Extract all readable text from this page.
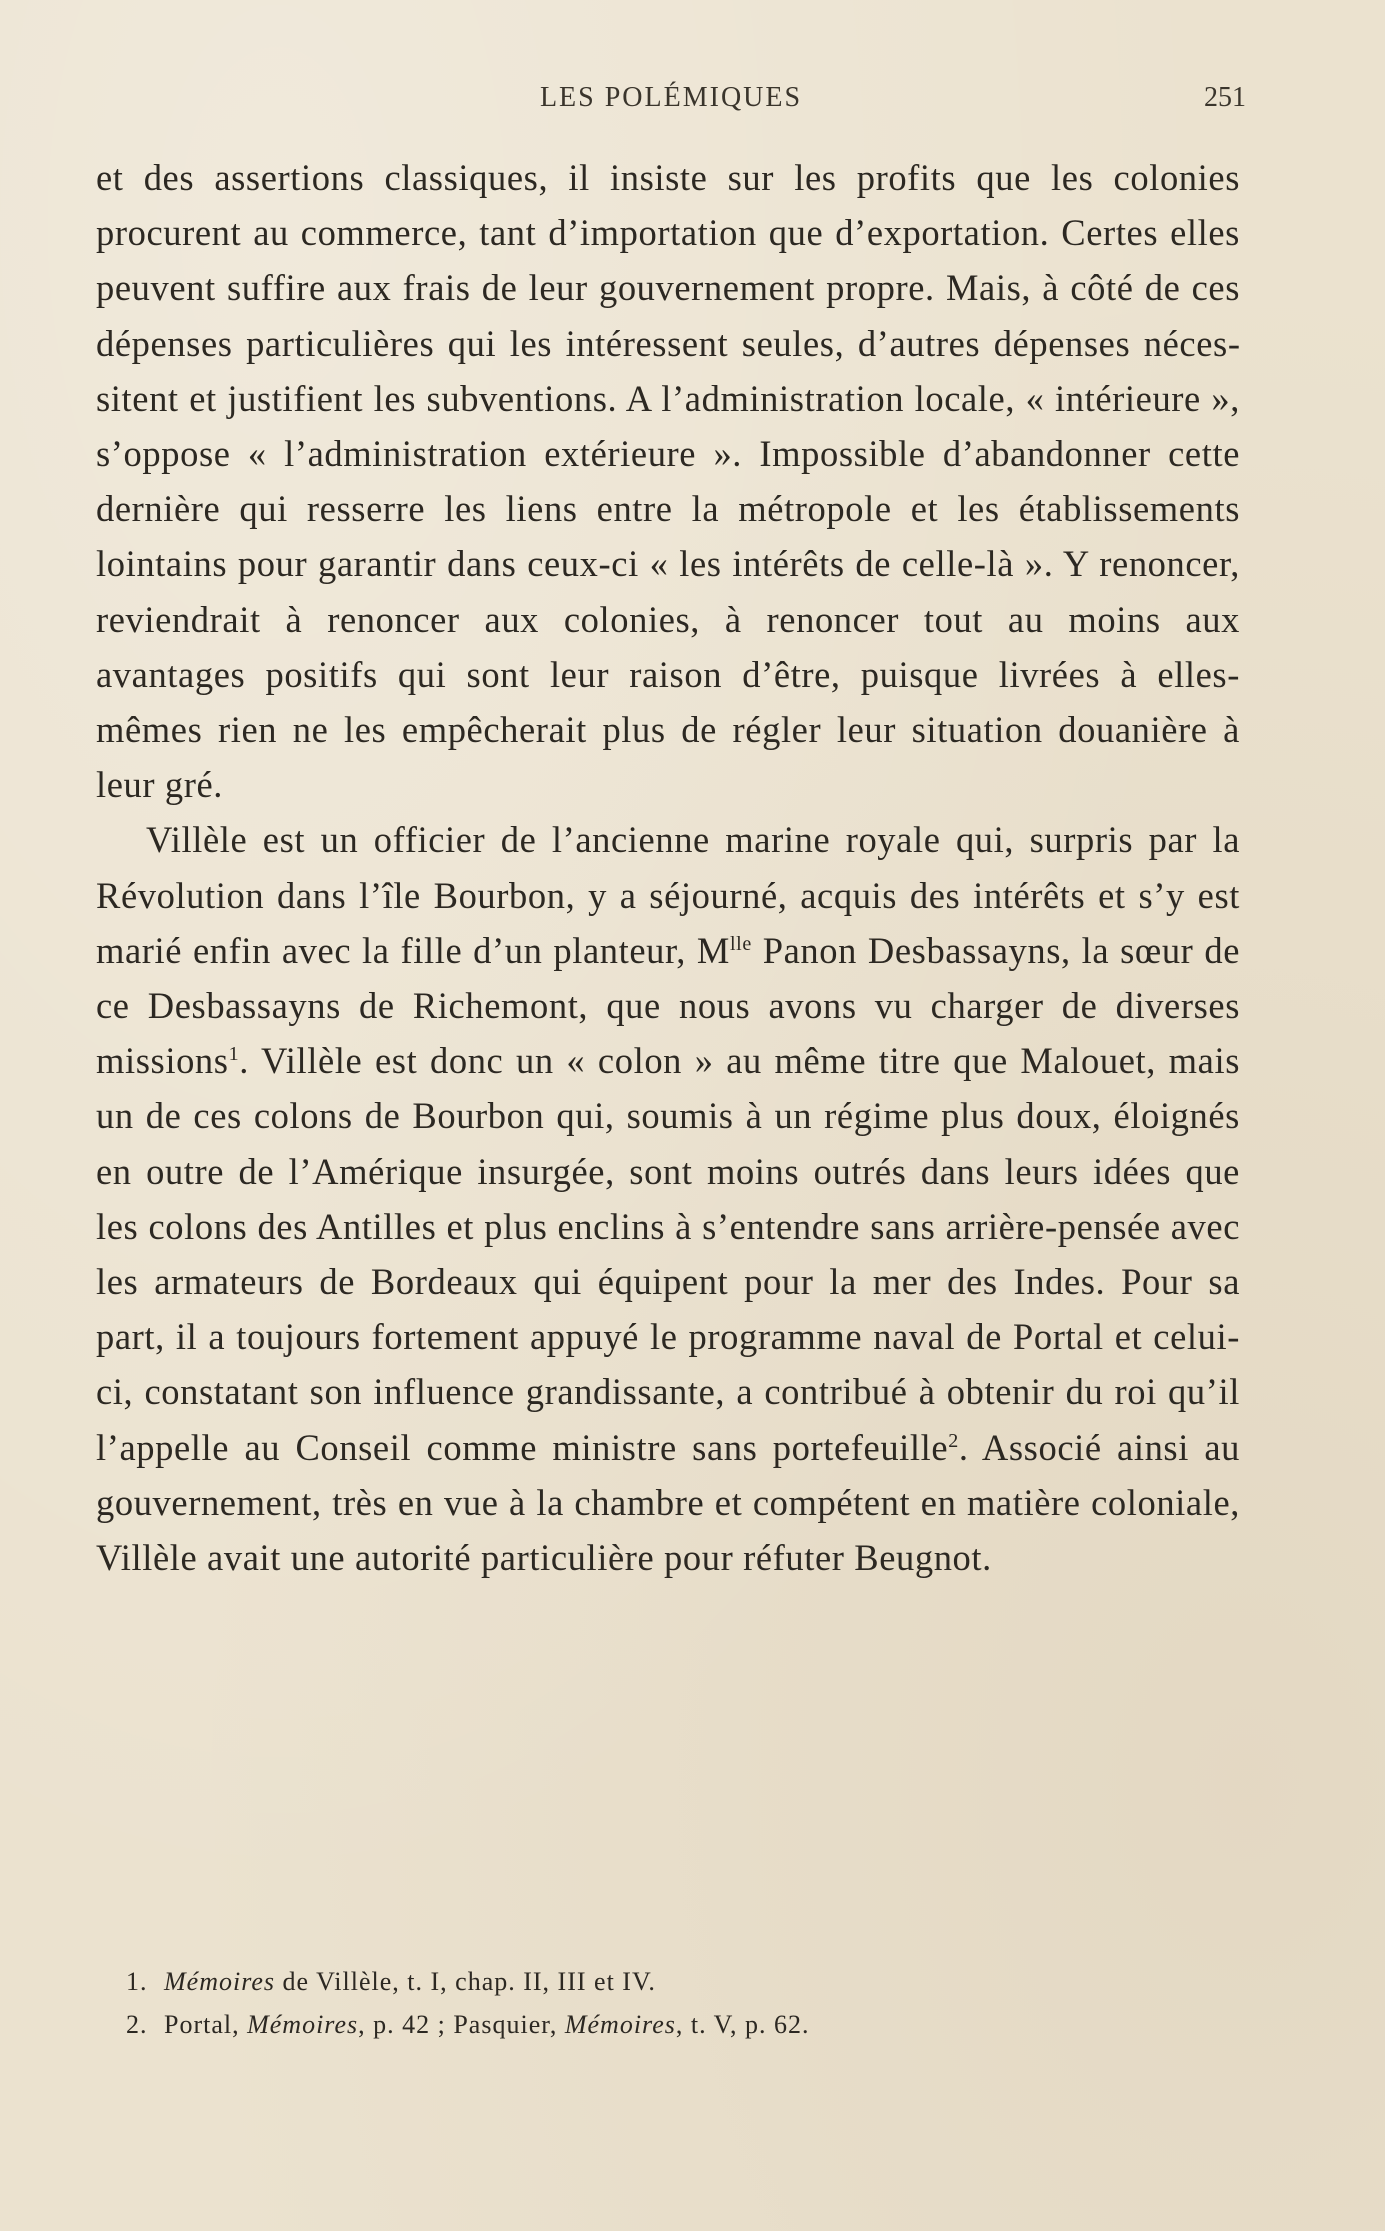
LES POLÉMIQUES	251

et des assertions classiques, il insiste sur les profits que les colonies procurent au commerce, tant d’importation que d’exportation. Certes elles peuvent suffire aux frais de leur gouvernement propre. Mais, à côté de ces dépenses particulières qui les intéressent seules, d’autres dépenses nécessitent et justifient les subventions. A l’administration locale, « intérieure », s’oppose « l’administration extérieure ». Impossible d’abandonner cette dernière qui resserre les liens entre la métropole et les établissements lointains pour garantir dans ceux-ci « les intérêts de celle-là ». Y renoncer, reviendrait à renoncer aux colonies, à renoncer tout au moins aux avantages positifs qui sont leur raison d’être, puisque livrées à elles-mêmes rien ne les empêcherait plus de régler leur situation douanière à leur gré.

Villèle est un officier de l’ancienne marine royale qui, surpris par la Révolution dans l’île Bourbon, y a séjourné, acquis des intérêts et s’y est marié enfin avec la fille d’un planteur, $M^{lle}$ Panon Desbassayns, la sœur de ce Desbassayns de Richemont, que nous avons vu charger de diverses missions$^1$. Villèle est donc un « colon » au même titre que Malouet, mais un de ces colons de Bourbon qui, soumis à un régime plus doux, éloignés en outre de l’Amérique insurgée, sont moins outrés dans leurs idées que les colons des Antilles et plus enclins à s’entendre sans arrière-pensée avec les armateurs de Bordeaux qui équipent pour la mer des Indes. Pour sa part, il a toujours fortement appuyé le programme naval de Portal et celui-ci, constatant son influence grandissante, a contribué à obtenir du roi qu’il l’appelle au Conseil comme ministre sans portefeuille$^2$. Associé ainsi au gouvernement, très en vue à la chambre et compétent en matière coloniale, Villèle avait une autorité particulière pour réfuter Beugnot.

1. Mémoires de Villèle, t. I, chap. II, III et IV.

2. Portal, Mémoires, p. 42 ; Pasquier, Mémoires, t. V, p. 62.
